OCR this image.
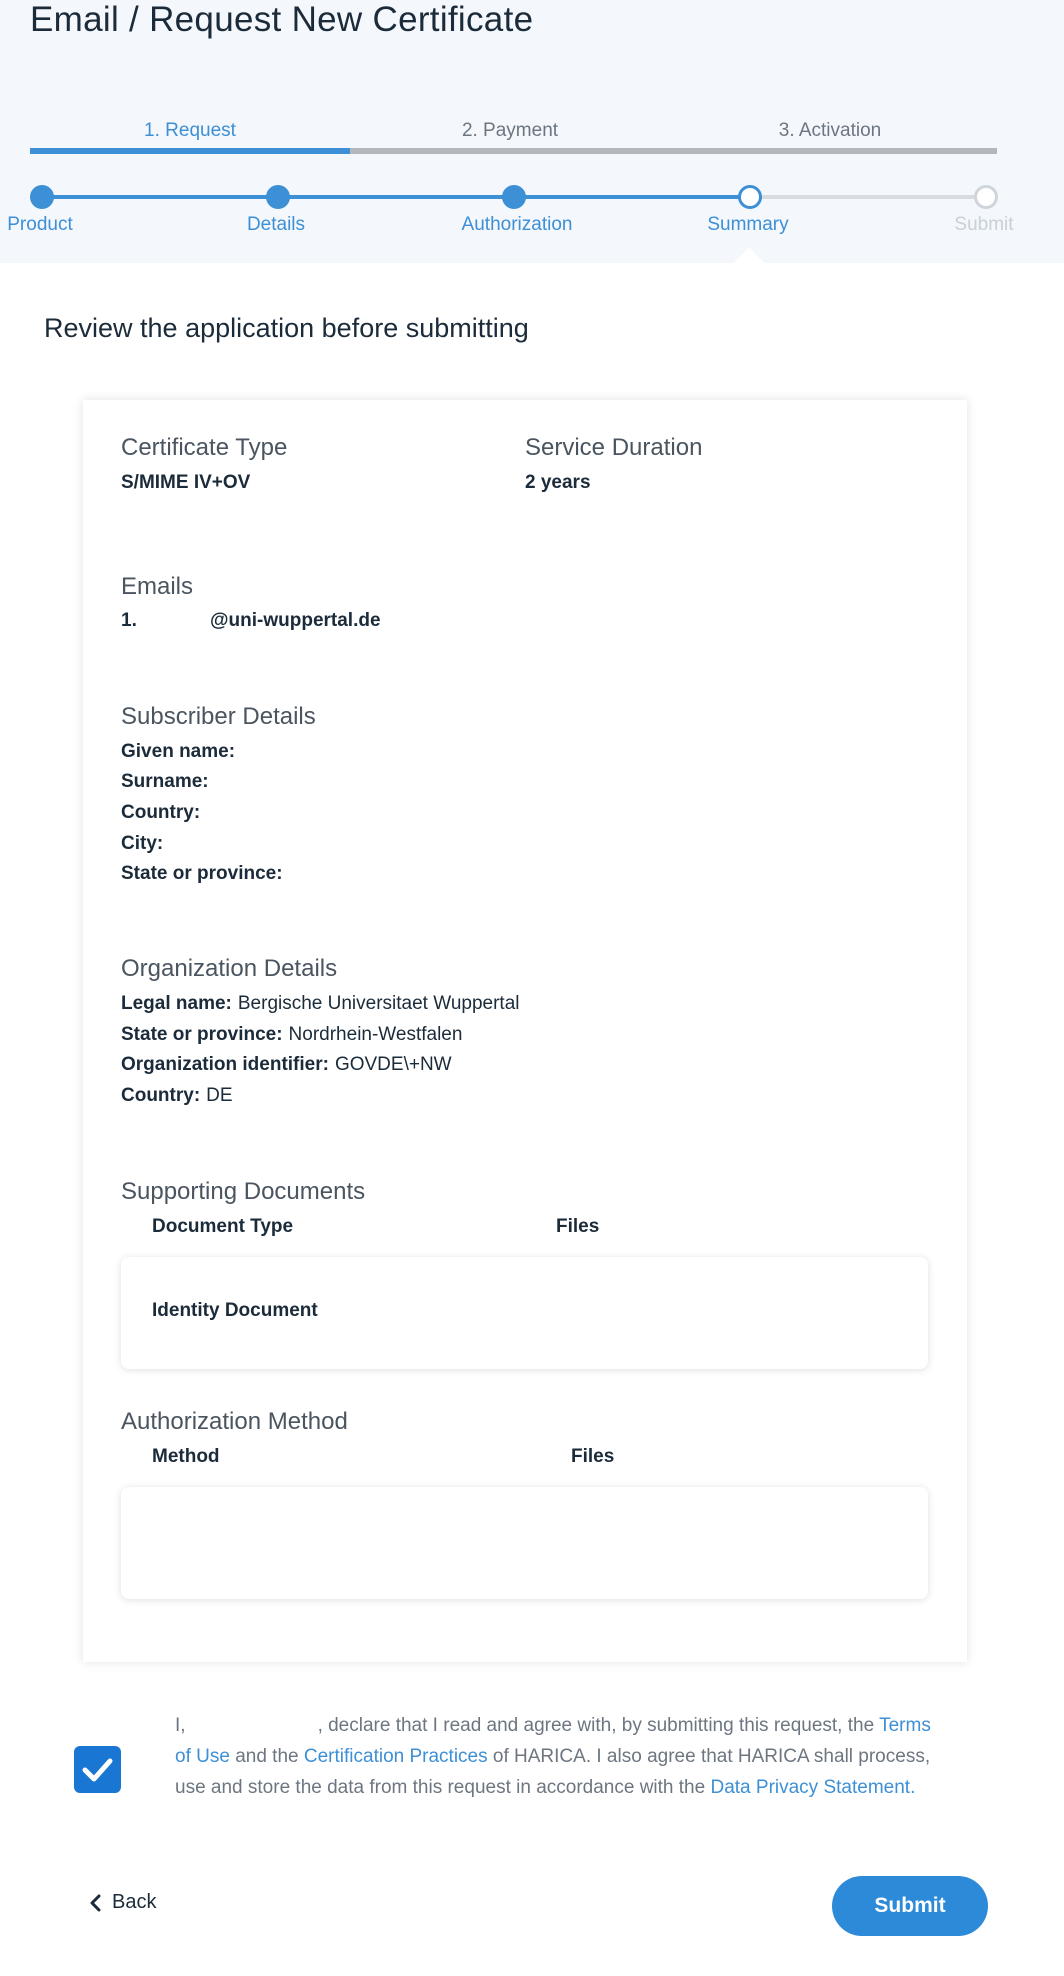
Email / Request New Certificate
1. Request	2. Payment	3. Activation
Product	Details	Authorization	Summary	Submit
Review the application before submitting
Certificate Type
S/MIME IV+OV
Service Duration
2 years
Emails
1.	@uni-wuppertal.de
Subscriber Details
Given name:
Surname:
Country:
City:
State or province:
Organization Details
Legal name: Bergische Universitaet Wuppertal
State or province: Nordrhein-Westfalen
Organization identifier: GOVDE\+NW
Country: DE
Supporting Documents
Document Type	Files
Identity Document
Authorization Method
Method	Files
I,	, declare that I read and agree with, by submitting this request, the Terms of Use and the Certification Practices of HARICA. I also agree that HARICA shall process, use and store the data from this request in accordance with the Data Privacy Statement.
Back	Submit
